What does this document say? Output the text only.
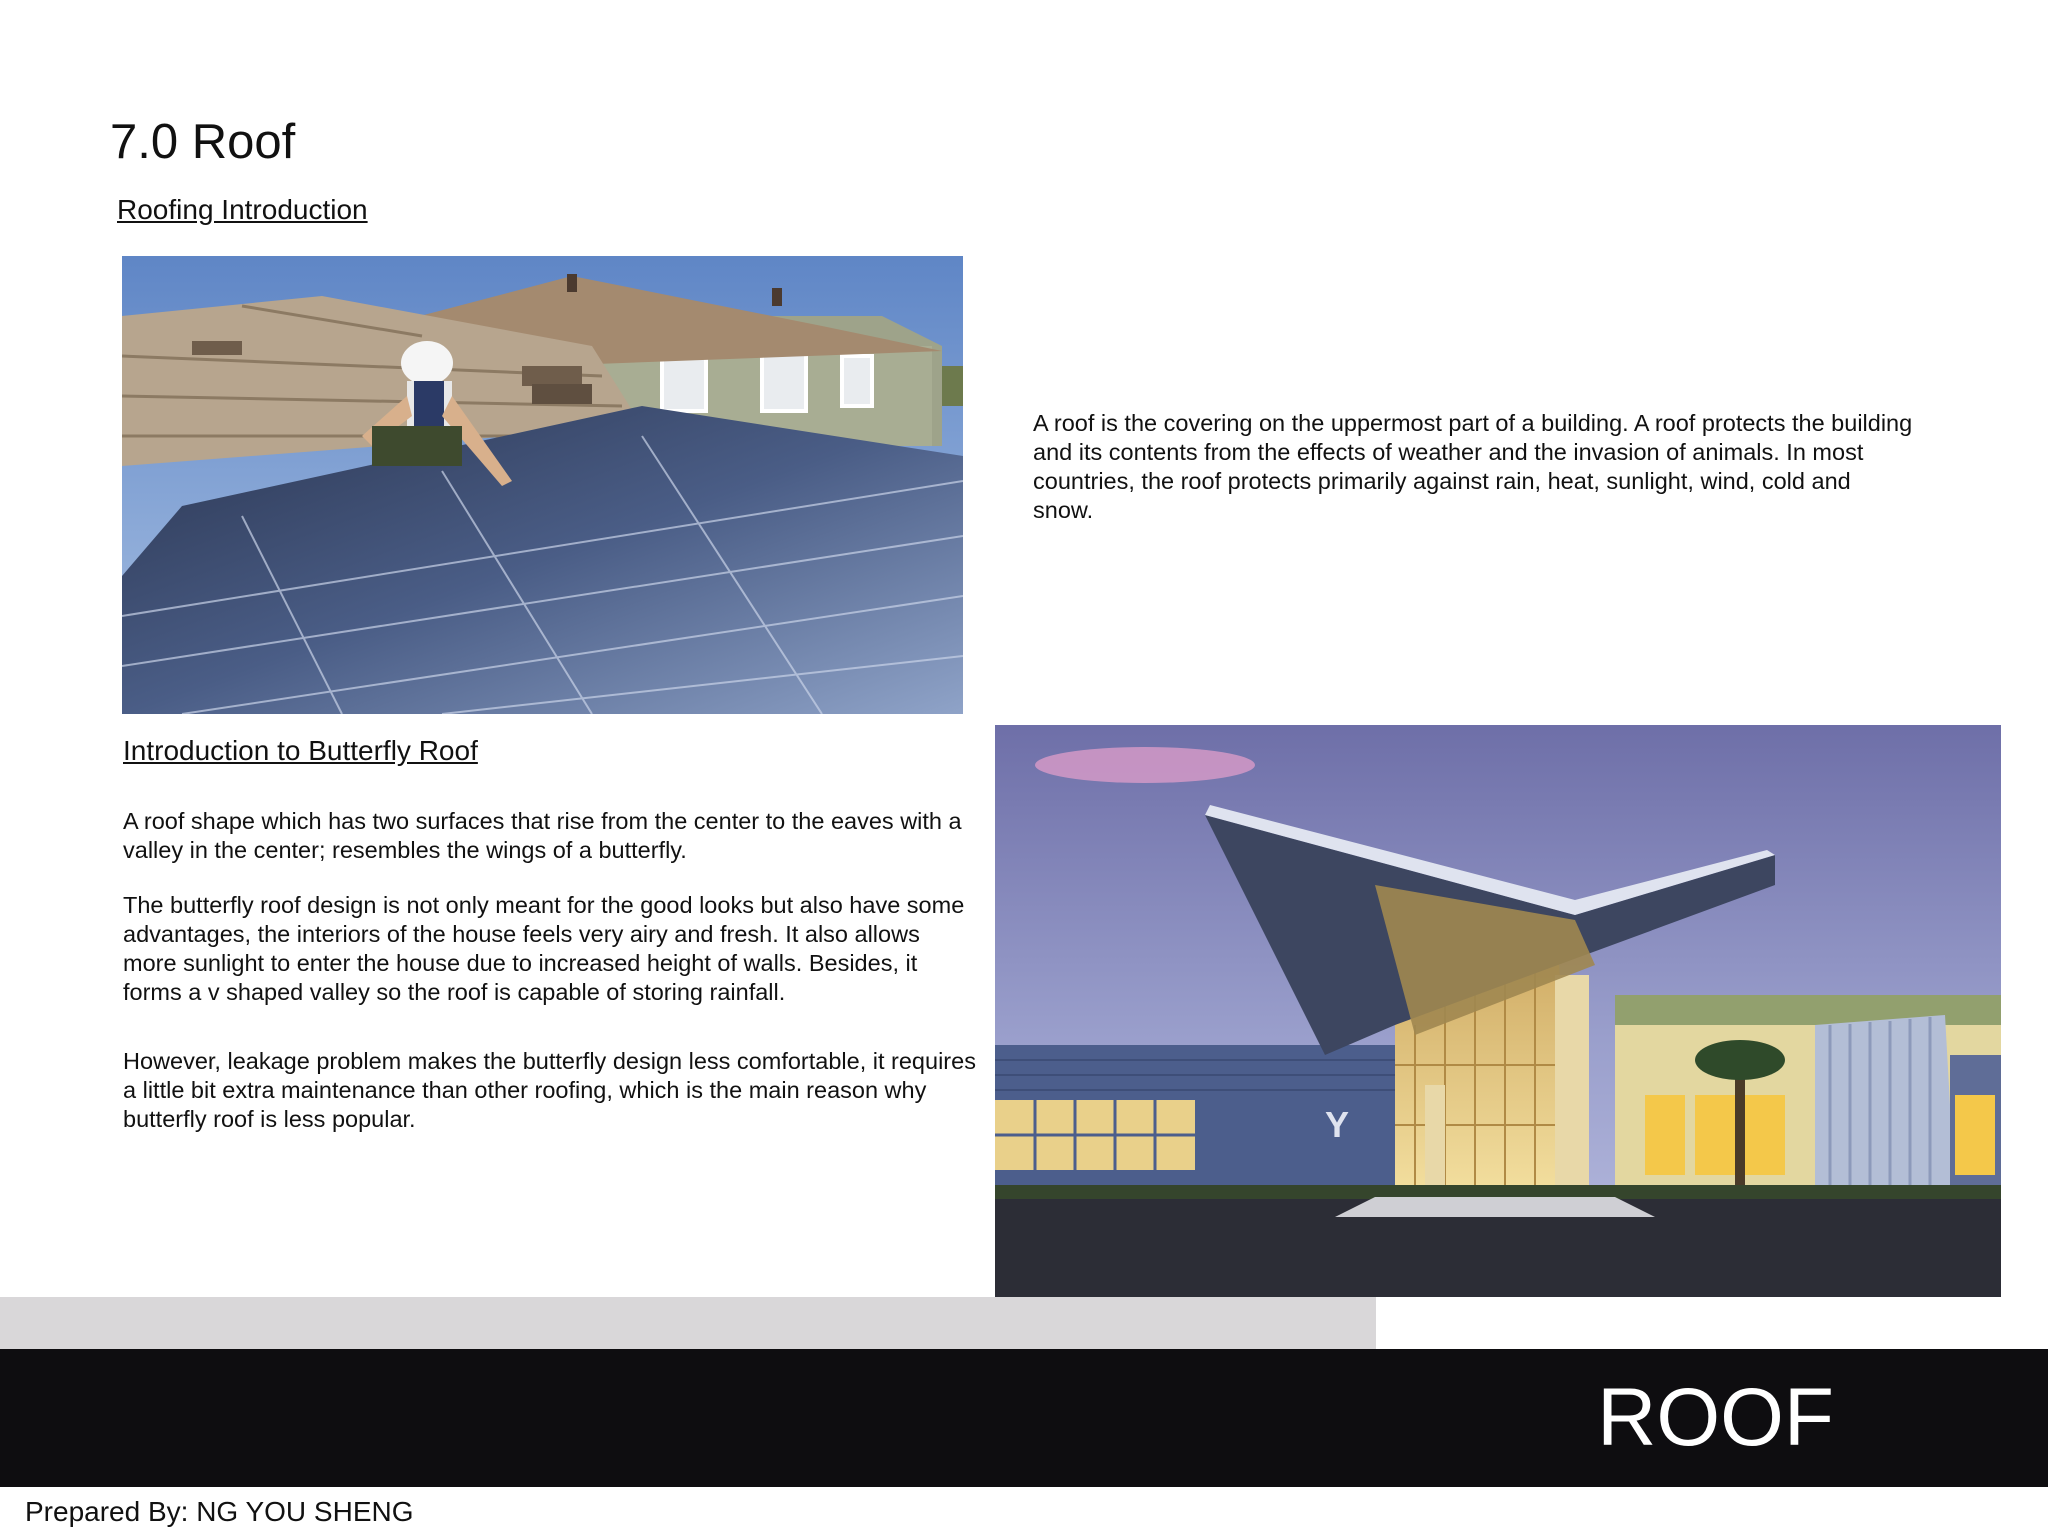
7.0 Roof
Roofing Introduction
A roof is the covering on the uppermost part of a building. A roof protects the building and its contents from the effects of weather and the invasion of animals. In most countries, the roof protects primarily against rain, heat, sunlight, wind, cold and snow.
Introduction to Butterfly Roof
A roof shape which has two surfaces that rise from the center to the eaves with a valley in the center; resembles the wings of a butterfly.
The butterfly roof design is not only meant for the good looks but also have some advantages, the interiors of the house feels very airy and fresh. It also allows more sunlight to enter the house due to increased height of walls. Besides, it forms a v shaped valley so the roof is capable of storing rainfall.
However, leakage problem makes the butterfly design less comfortable, it requires a little bit extra maintenance than other roofing, which is the main reason why butterfly roof is less popular.	Y
ROOF
Prepared By: NG YOU SHENG
